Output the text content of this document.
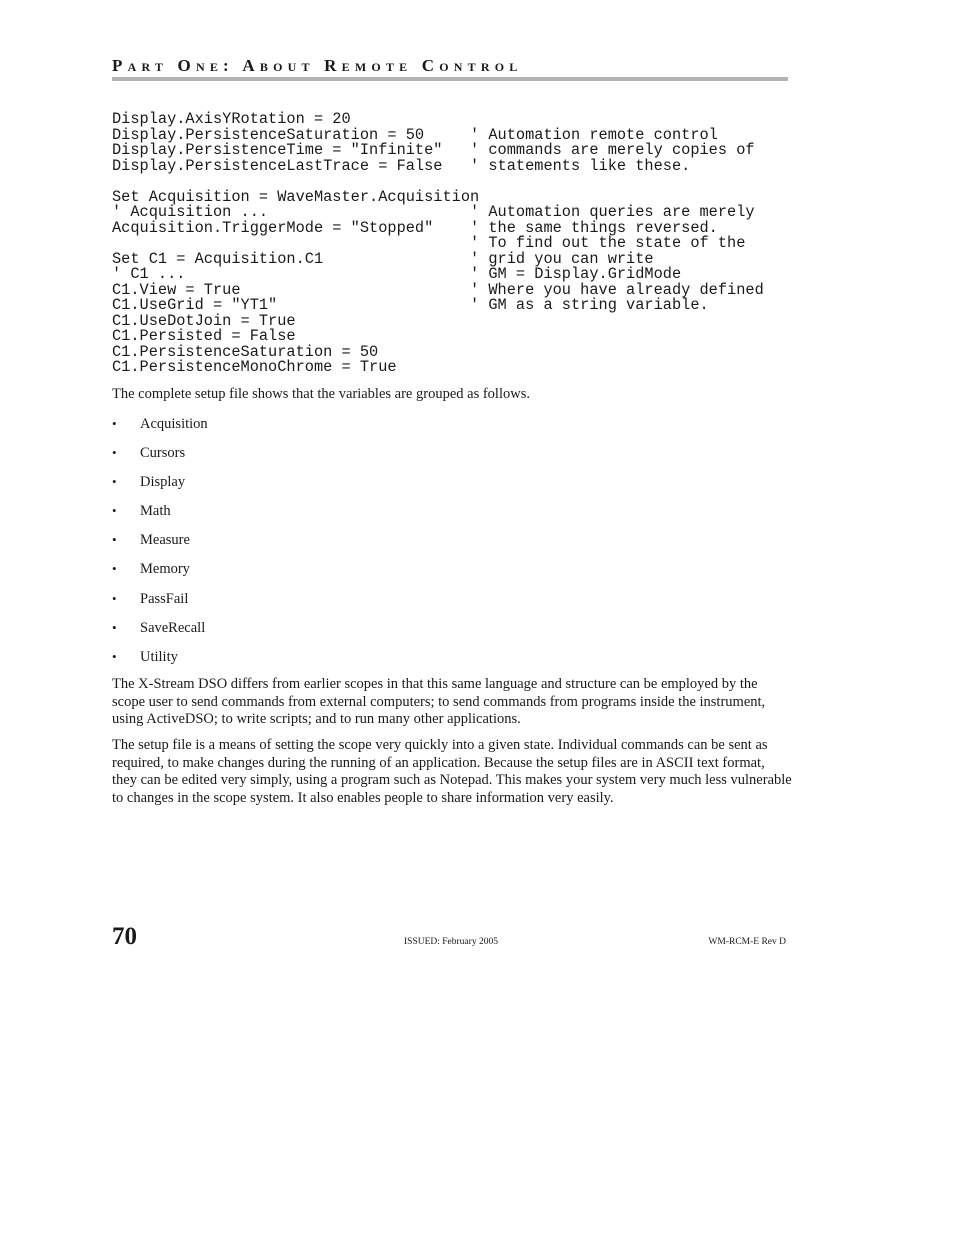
Part One: About Remote Control
Display.AxisYRotation = 20
Display.PersistenceSaturation = 50     ' Automation remote control
Display.PersistenceTime = "Infinite"   ' commands are merely copies of
Display.PersistenceLastTrace = False   ' statements like these.

Set Acquisition = WaveMaster.Acquisition
' Acquisition ...                      ' Automation queries are merely
Acquisition.TriggerMode = "Stopped"    ' the same things reversed.
' To find out the state of the
Set C1 = Acquisition.C1                ' grid you can write
' C1 ...                               ' GM = Display.GridMode
C1.View = True                         ' Where you have already defined
C1.UseGrid = "YT1"                     ' GM as a string variable.
C1.UseDotJoin = True
C1.Persisted = False
C1.PersistenceSaturation = 50
C1.PersistenceMonoChrome = True

The complete setup file shows that the variables are grouped as follows.

• Acquisition
• Cursors
• Display
• Math
• Measure
• Memory
• PassFail
• SaveRecall
• Utility

The X-Stream DSO differs from earlier scopes in that this same language and structure can be employed by the scope user to send commands from external computers; to send commands from programs inside the instrument, using ActiveDSO; to write scripts; and to run many other applications.

The setup file is a means of setting the scope very quickly into a given state. Individual commands can be sent as required, to make changes during the running of an application. Because the setup files are in ASCII text format, they can be edited very simply, using a program such as Notepad. This makes your system very much less vulnerable to changes in the scope system. It also enables people to share information very easily.

70	ISSUED: February 2005	WM-RCM-E Rev D
